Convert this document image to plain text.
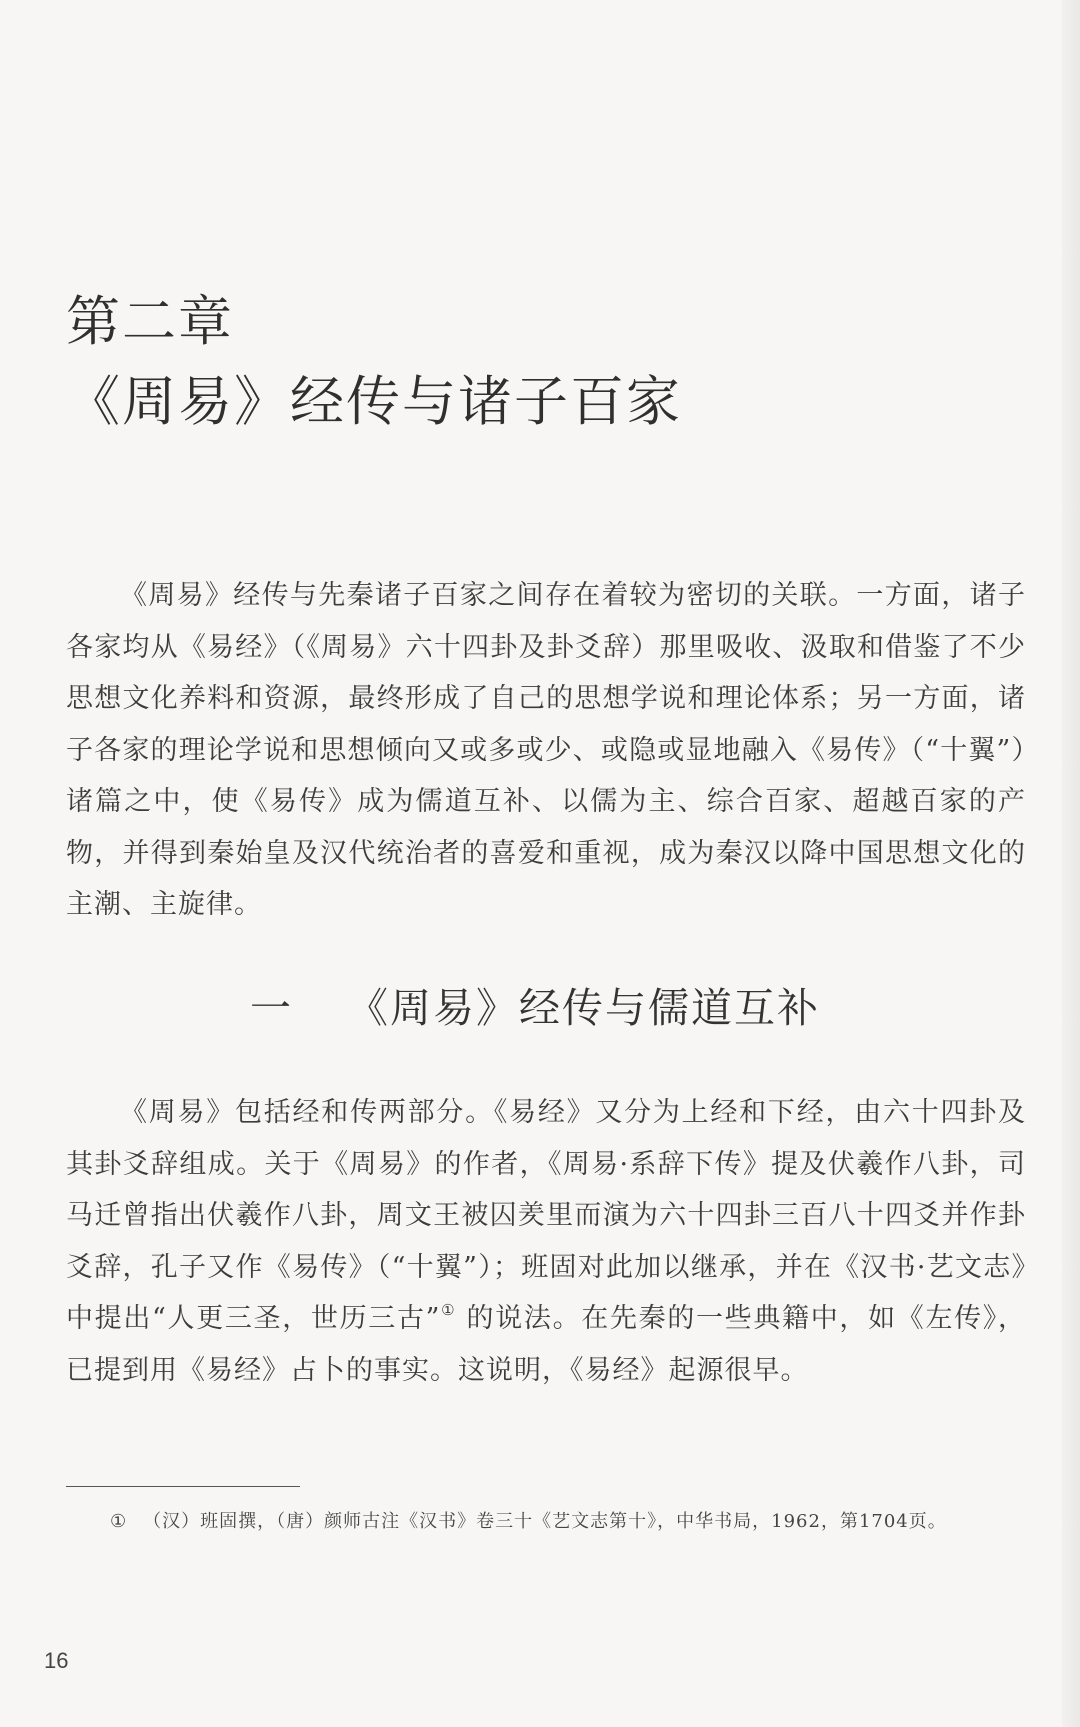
第二章
《周易》经传与诸子百家
《周易》经传与先秦诸子百家之间存在着较为密切的关联。一方面，诸子各家均从《易经》（《周易》六十四卦及卦爻辞）那里吸收、汲取和借鉴了不少思想文化养料和资源，最终形成了自己的思想学说和理论体系；另一方面，诸子各家的理论学说和思想倾向又或多或少、或隐或显地融入《易传》（“十翼”）诸篇之中，使《易传》成为儒道互补、以儒为主、综合百家、超越百家的产物，并得到秦始皇及汉代统治者的喜爱和重视，成为秦汉以降中国思想文化的主潮、主旋律。
一 《周易》经传与儒道互补
《周易》包括经和传两部分。《易经》又分为上经和下经，由六十四卦及其卦爻辞组成。关于《周易》的作者，《周易·系辞下传》提及伏羲作八卦，司马迁曾指出伏羲作八卦，周文王被囚羑里而演为六十四卦三百八十四爻并作卦爻辞，孔子又作《易传》（“十翼”）；班固对此加以继承，并在《汉书·艺文志》中提出“人更三圣，世历三古”① 的说法。在先秦的一些典籍中，如《左传》，已提到用《易经》占卜的事实。这说明，《易经》起源很早。
① （汉）班固撰，（唐）颜师古注《汉书》卷三十《艺文志第十》，中华书局，1962，第1704页。
16
